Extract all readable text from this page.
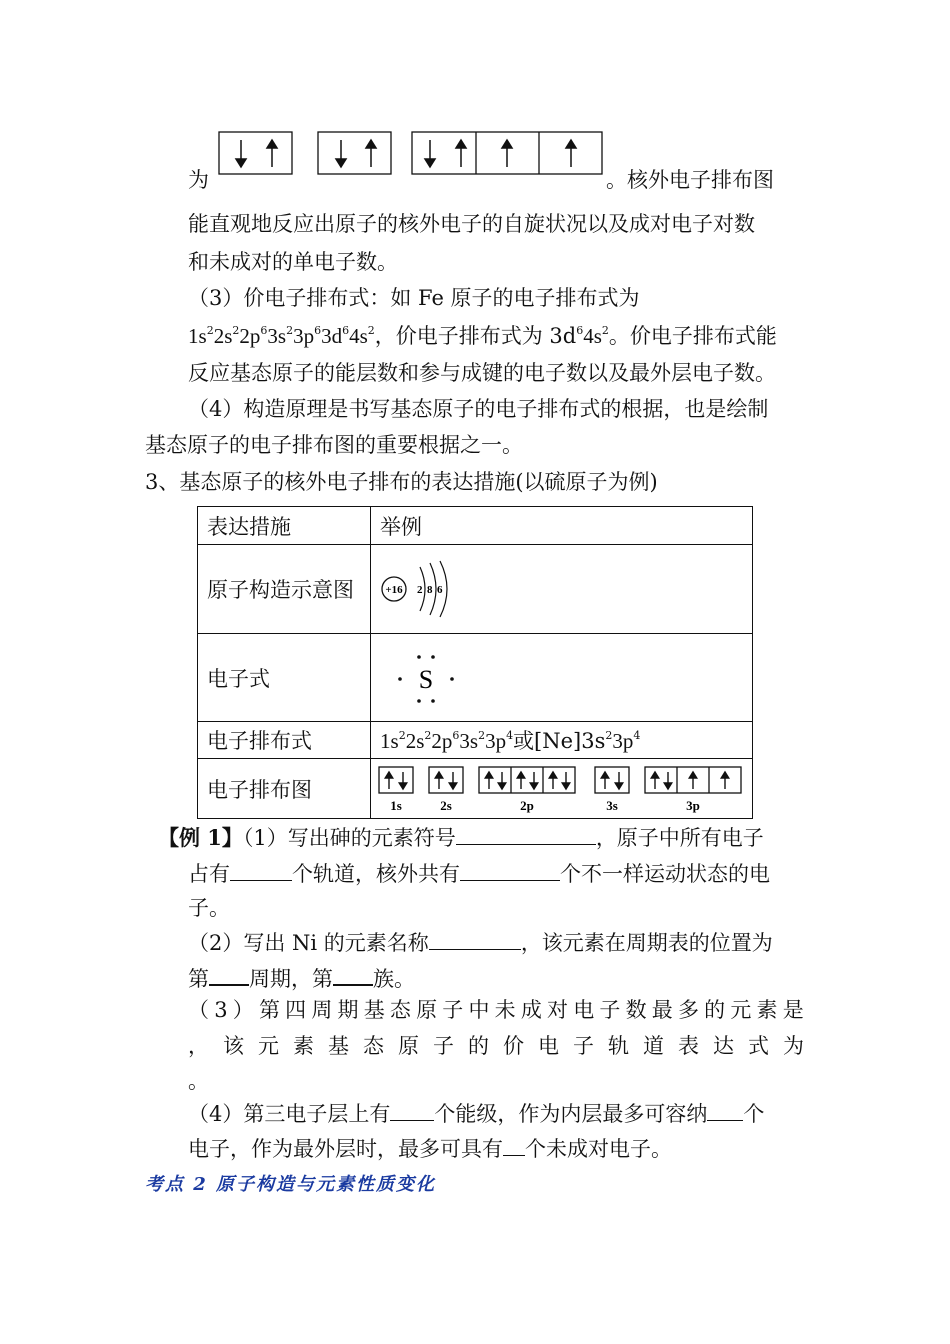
为	。核外电子排布图
能直观地反应出原子的核外电子的自旋状况以及成对电子对数
和未成对的单电子数。
（3）价电子排布式：如 Fe 原子的电子排布式为
$1s^22s^22p^63s^23p^63d^64s^2$，价电子排布式为 $3d^64s^2$。价电子排布式能
反应基态原子的能层数和参与成键的电子数以及最外层电子数。
（4）构造原理是书写基态原子的电子排布式的根据，也是绘制
基态原子的电子排布图的重要根据之一。
3、基态原子的核外电子排布的表达措施(以硫原子为例)
表达措施	举例
原子构造示意图	+16 2 8 6

电子式	S

电子排布式	$1s^22s^22p^63s^23p^4$或$[Ne]3s^23p^4$
电子排布图	1s 2s 2p 3s 3p
【例 1】（1）写出砷的元素符号	，原子中所有电子
占有	个轨道，核外共有	个不一样运动状态的电
子。
（2）写出 Ni 的元素名称	，该元素在周期表的位置为
第 周期，第 族。
（ 3 ） 第 四 周 期 基 态 原 子 中 未 成 对 电 子 数 最 多 的 元 素 是
， 该 元 素 基 态 原 子 的 价 电 子 轨 道 表 达 式 为
。
（4）第三电子层上有 个能级，作为内层最多可容纳 个
电子，作为最外层时，最多可具有 个未成对电子。
考点 2 原子构造与元素性质变化
